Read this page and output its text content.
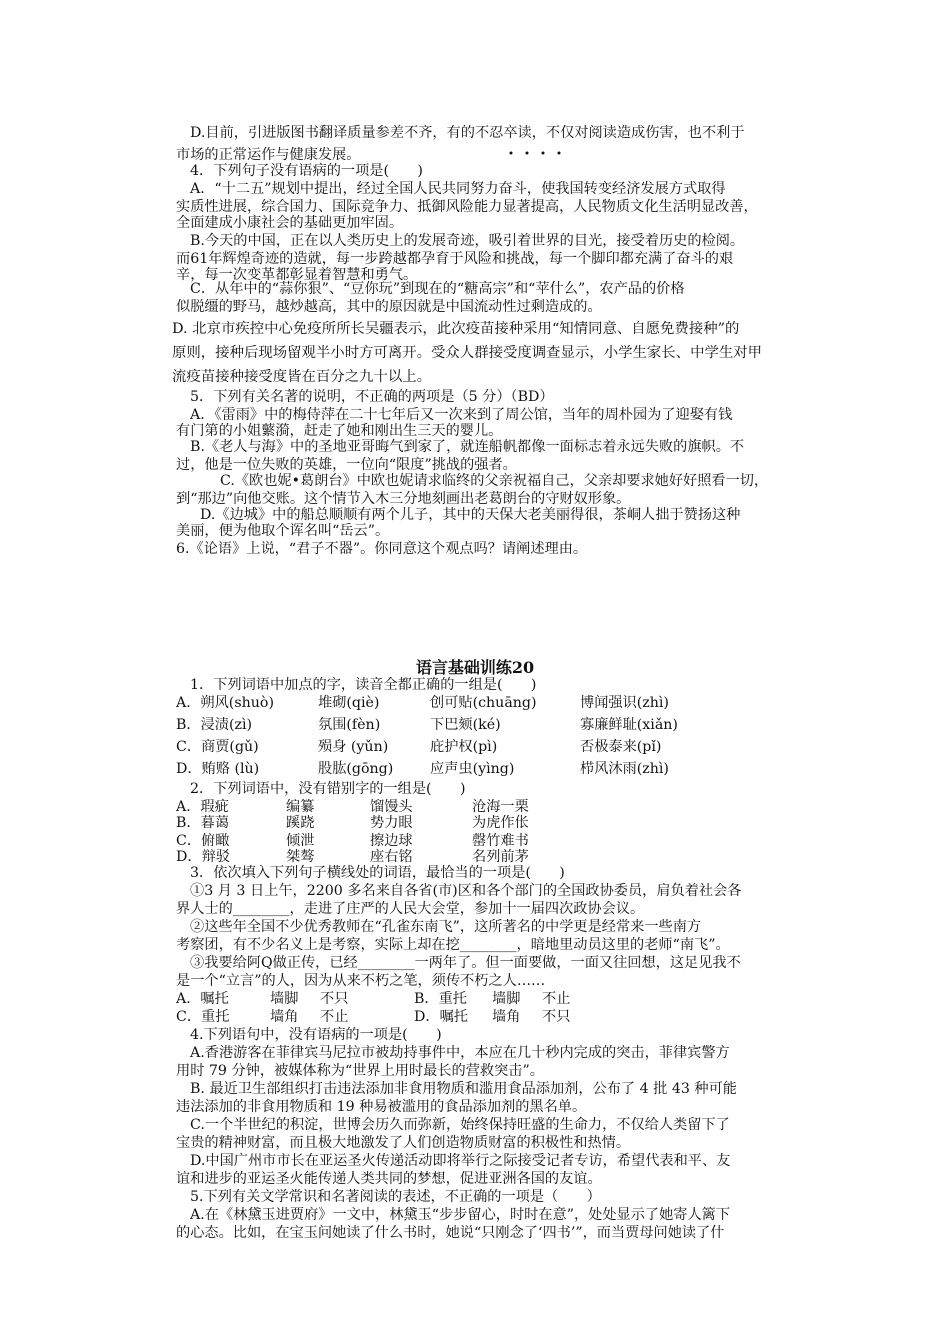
D.目前，引进版图书翻译质量参差不齐，有的不忍卒读，不仅对阅读造成伤害，也不利于
市场的正常运作与健康发展。
4．下列句子没有语病的一项是(　　)
A．“十二五”规划中提出，经过全国人民共同努力奋斗，使我国转变经济发展方式取得
实质性进展，综合国力、国际竞争力、抵御风险能力显著提高，人民物质文化生活明显改善，
全面建成小康社会的基础更加牢固。
B.今天的中国，正在以人类历史上的发展奇迹，吸引着世界的目光，接受着历史的检阅。
而61年辉煌奇迹的造就，每一步跨越都孕育于风险和挑战，每一个脚印都充满了奋斗的艰
辛，每一次变革都彰显着智慧和勇气。
C．从年中的“蒜你狠”、“豆你玩”到现在的“糖高宗”和“苹什么”，农产品的价格
似脱缰的野马，越炒越高，其中的原因就是中国流动性过剩造成的。
D. 北京市疾控中心免疫所所长吴疆表示，此次疫苗接种采用“知情同意、自愿免费接种”的
原则，接种后现场留观半小时方可离开。受众人群接受度调查显示，小学生家长、中学生对甲
流疫苗接种接受度皆在百分之九十以上。
5．下列有关名著的说明，不正确的两项是（5 分）（BD）
A．《雷雨》中的梅侍萍在二十七年后又一次来到了周公馆，当年的周朴园为了迎娶有钱
有门第的小姐蘩漪，赶走了她和刚出生三天的婴儿。
B.《老人与海》中的圣地亚哥晦气到家了，就连船帆都像一面标志着永远失败的旗帜。不
过，他是一位失败的英雄，一位向“限度”挑战的强者。
C.《欧也妮•葛朗台》中欧也妮请求临终的父亲祝福自己，父亲却要求她好好照看一切，
到“那边”向他交账。这个情节入木三分地刻画出老葛朗台的守财奴形象。
D.《边城》中的船总顺顺有两个儿子，其中的天保大老美丽得很，茶峒人拙于赞扬这种
美丽，便为他取个诨名叫“岳云”。
6.《论语》上说，“君子不器”。你同意这个观点吗？请阐述理由。
语言基础训练20
1．下列词语中加点的字，读音全都正确的一组是(　　)
A．朔风(shuò)	堆砌(qiè)	创可贴(chuāng)	博闻强识(zhì)
B．浸渍(zì)	氛围(fèn)	下巴颏(ké)	寡廉鲜耻(xiǎn)
C．商贾(gǔ)	殒身 (yǔn)	庇护权(pì)	否极泰来(pǐ)
D．贿赂 (lù)	股肱(gōng)	应声虫(yìng)	栉风沐雨(zhì)
2．下列词语中，没有错别字的一组是(　　)
A．瑕疵	编纂	馏馒头	沧海一栗
B．暮蔼	蹊跷	势力眼	为虎作伥
C．俯瞰	倾泄	擦边球	罄竹难书
D．辩驳	桀骜	座右铭	名列前茅
3．依次填入下列句子横线处的词语，最恰当的一项是(　　)
①3 月 3 日上午，2200 多名来自各省(市)区和各个部门的全国政协委员，肩负着社会各
界人士的________，走进了庄严的人民大会堂，参加十一届四次政协会议。
②这些年全国不少优秀教师在“孔雀东南飞”，这所著名的中学更是经常来一些南方
考察团，有不少名义上是考察，实际上却在挖________，暗地里动员这里的老师“南飞”。
③我要给阿Q做正传，已经________一两年了。但一面要做，一面又往回想，这足见我不
是一个“立言”的人，因为从来不朽之笔，须传不朽之人……
A．嘱托	墙脚 不只	B．重托 墙脚 不止
C．重托	墙角 不止	D．嘱托 墙角 不只
4.下列语句中，没有语病的一项是(　　)
A.香港游客在菲律宾马尼拉市被劫持事件中，本应在几十秒内完成的突击，菲律宾警方
用时 79 分钟，被媒体称为“世界上用时最长的营救突击”。
B. 最近卫生部组织打击违法添加非食用物质和滥用食品添加剂，公布了 4 批 43 种可能
违法添加的非食用物质和 19 种易被滥用的食品添加剂的黑名单。
C.一个半世纪的积淀，世博会历久而弥新，始终保持旺盛的生命力，不仅给人类留下了
宝贵的精神财富，而且极大地激发了人们创造物质财富的积极性和热情。
D.中国广州市市长在亚运圣火传递活动即将举行之际接受记者专访，希望代表和平、友
谊和进步的亚运圣火能传递人类共同的梦想，促进亚洲各国的友谊。
5.下列有关文学常识和名著阅读的表述，不正确的一项是（　　）
A.在《林黛玉进贾府》一文中，林黛玉“步步留心，时时在意”，处处显示了她寄人篱下
的心态。比如，在宝玉问她读了什么书时，她说“只刚念了‘四书’”，而当贾母问她读了什
